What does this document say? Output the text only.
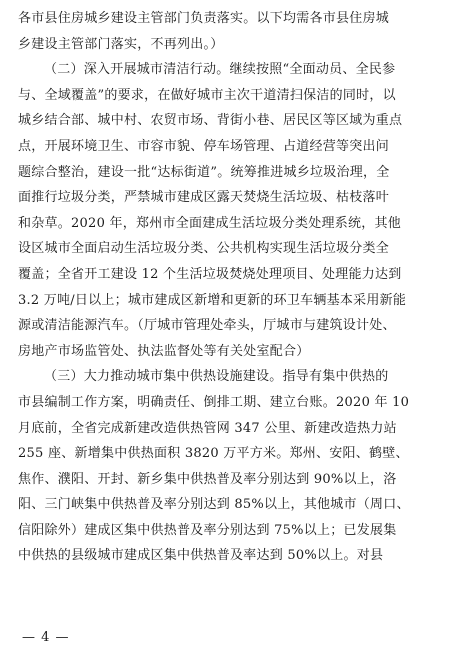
各市县住房城乡建设主管部门负责落实。以下均需各市县住房城
乡建设主管部门落实，不再列出。）
（二）深入开展城市清洁行动。继续按照“全面动员、全民参
与、全域覆盖”的要求，在做好城市主次干道清扫保洁的同时，以
城乡结合部、城中村、农贸市场、背街小巷、居民区等区域为重点
点，开展环境卫生、市容市貌、停车场管理、占道经营等突出问
题综合整治，建设一批“达标街道”。统筹推进城乡垃圾治理，全
面推行垃圾分类，严禁城市建成区露天焚烧生活垃圾、枯枝落叶
和杂草。2020 年，郑州市全面建成生活垃圾分类处理系统，其他
设区城市全面启动生活垃圾分类、公共机构实现生活垃圾分类全
覆盖；全省开工建设 12 个生活垃圾焚烧处理项目、处理能力达到
3.2 万吨/日以上；城市建成区新增和更新的环卫车辆基本采用新能
源或清洁能源汽车。（厅城市管理处牵头，厅城市与建筑设计处、
房地产市场监管处、执法监督处等有关处室配合）
（三）大力推动城市集中供热设施建设。指导有集中供热的
市县编制工作方案，明确责任、倒排工期、建立台账。2020 年 10
月底前，全省完成新建改造供热管网 347 公里、新建改造热力站
255 座、新增集中供热面积 3820 万平方米。郑州、安阳、鹤壁、
焦作、濮阳、开封、新乡集中供热普及率分别达到 90%以上，洛
阳、三门峡集中供热普及率分别达到 85%以上，其他城市（周口、
信阳除外）建成区集中供热普及率分别达到 75%以上；已发展集
中供热的县级城市建成区集中供热普及率达到 50%以上。对县
— 4 —
